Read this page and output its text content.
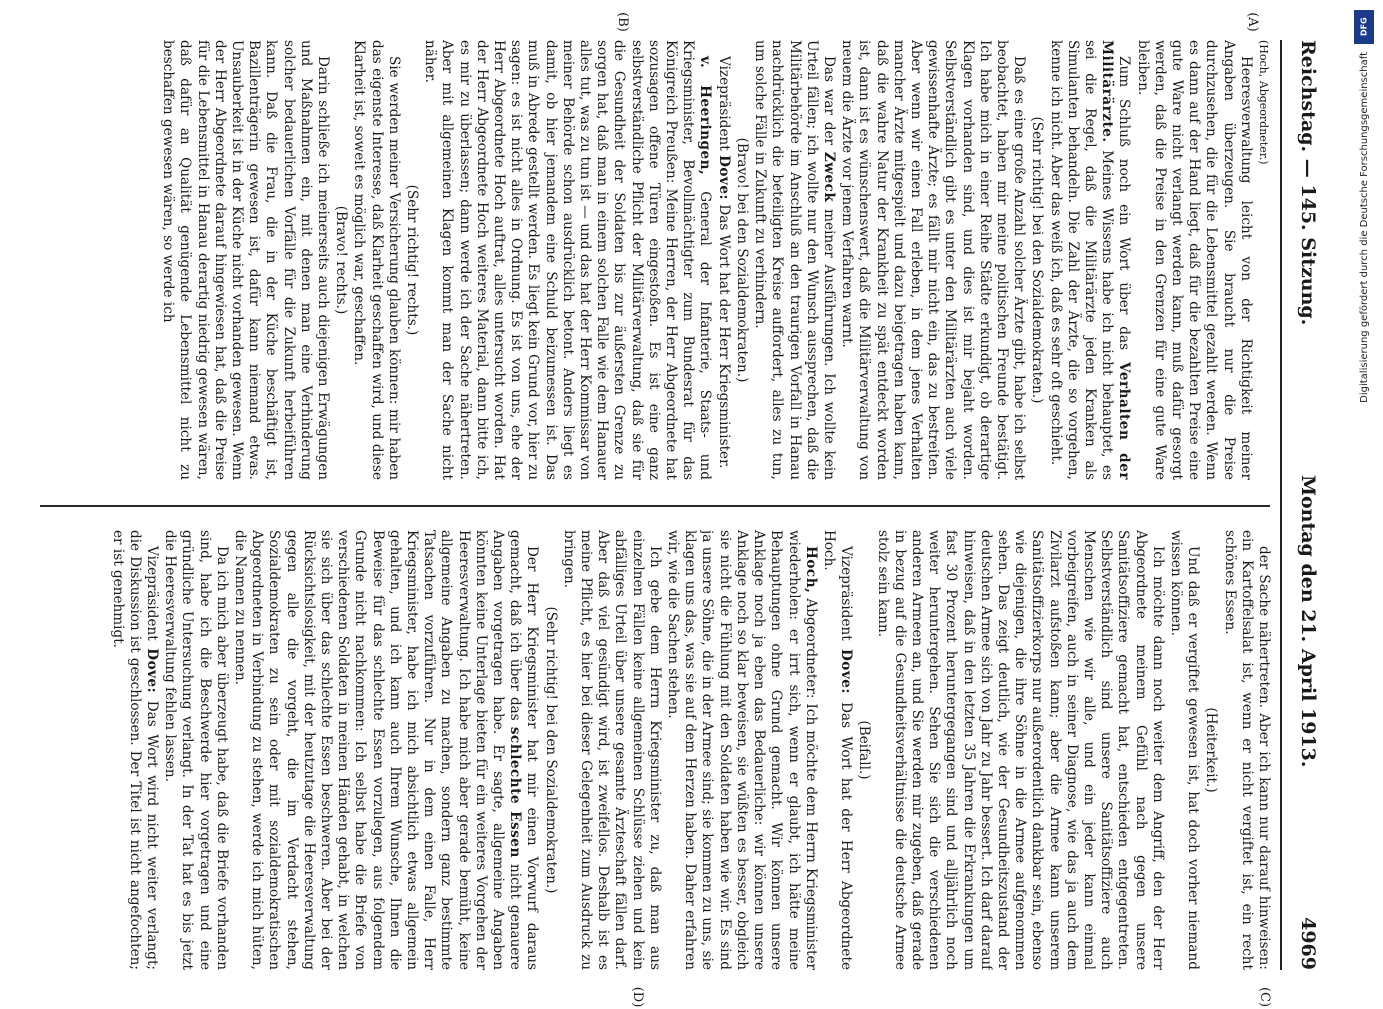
Reichstag. — 145. Sitzung.
Montag den 21. April 1913.
4969
(A)
(B)
(C)
(D)

(Hoch, Abgeordneter.)

Heeresverwaltung leicht von der Richtigkeit meiner Angaben überzeugen. Sie braucht nur die Preise durchzusehen, die für die Lebensmittel gezahlt werden. Wenn es dann auf der Hand liegt, daß für die bezahlten Preise eine gute Ware nicht verlangt werden kann, muß dafür gesorgt werden, daß die Preise in den Grenzen für eine gute Ware bleiben.

Zum Schluß noch ein Wort über das Verhalten der Militärärzte. Meines Wissens habe ich nicht behauptet, es sei die Regel, daß die Militärärzte jeden Kranken als Simulanten behandeln. Die Zahl der Ärzte, die so vorgehen, kenne ich nicht. Aber das weiß ich, daß es sehr oft geschieht.

(Sehr richtig! bei den Sozialdemokraten.)

Daß es eine große Anzahl solcher Ärzte gibt, habe ich selbst beobachtet, haben mir meine politischen Freunde bestätigt. Ich habe mich in einer Reihe Städte erkundigt, ob derartige Klagen vorhanden sind, und dies ist mir bejaht worden. Selbstverständlich gibt es unter den Militärärzten auch viele gewissenhafte Ärzte; es fällt mir nicht ein, das zu bestreiten. Aber wenn wir einen Fall erleben, in dem jenes Verhalten mancher Ärzte mitgespielt und dazu beigetragen haben kann, daß die wahre Natur der Krankheit zu spät entdeckt worden ist, dann ist es wünschenswert, daß die Militärverwaltung von neuem die Ärzte vor jenem Verfahren warnt.

Das war der Zweck meiner Ausführungen. Ich wollte kein Urteil fällen; ich wollte nur den Wunsch aussprechen, daß die Militärbehörde im Anschluß an den traurigen Vorfall in Hanau nachdrücklich die beteiligten Kreise auffordert, alles zu tun, um solche Fälle in Zukunft zu verhindern.

(Bravo! bei den Sozialdemokraten.)

Vizepräsident Dove: Das Wort hat der Herr Kriegsminister.

v. Heeringen, General der Infanterie, Staats- und Kriegsminister, Bevollmächtigter zum Bundesrat für das Königreich Preußen: Meine Herren, der Herr Abgeordnete hat sozusagen offene Türen eingestoßen. Es ist eine ganz selbstverständliche Pflicht der Militärverwaltung, daß sie für die Gesundheit der Soldaten bis zur äußersten Grenze zu sorgen hat, daß man in einem solchen Falle wie dem Hanauer alles tut, was zu tun ist — und das hat der Herr Kommissar von meiner Behörde schon ausdrücklich betont. Anders liegt es damit, ob hier jemandem eine Schuld beizumessen ist. Das muß in Abrede gestellt werden. Es liegt kein Grund vor, hier zu sagen: es ist nicht alles in Ordnung. Es ist von uns, ehe der Herr Abgeordnete Hoch auftrat, alles untersucht worden. Hat der Herr Abgeordnete Hoch weiteres Material, dann bitte ich, es mir zu überlassen; dann werde ich der Sache nähertreten. Aber mit allgemeinen Klagen kommt man der Sache nicht näher.

(Sehr richtig! rechts.)

Sie werden meiner Versicherung glauben können: mir haben das eigenste Interesse, daß Klarheit geschaffen wird, und diese Klarheit ist, soweit es möglich war, geschaffen.

(Bravo! rechts.)

Darin schließe ich meinerseits auch diejenigen Erwägungen und Maßnahmen ein, mit denen man eine Verhinderung solcher bedauerlichen Vorfälle für die Zukunft herbeiführen kann. Daß die Frau, die in der Küche beschäftigt ist, Bazillenträgerin gewesen ist, dafür kann niemand etwas. Unsauberkeit ist in der Küche nicht vorhanden gewesen. Wenn der Herr Abgeordnete darauf hingewiesen hat, daß die Preise für die Lebensmittel in Hanau derartig niedrig gewesen wären, daß dafür an Qualität genügende Lebensmittel nicht zu beschaffen gewesen wären, so werde ich

der Sache nähertreten. Aber ich kann nur darauf hinweisen: ein Kartoffelsalat ist, wenn er nicht vergiftet ist, ein recht schönes Essen.

(Heiterkeit.)

Und daß er vergiftet gewesen ist, hat doch vorher niemand wissen können.

Ich möchte dann noch weiter dem Angriff, den der Herr Abgeordnete meinem Gefühl nach gegen unsere Sanitätsoffiziere gemacht hat, entschieden entgegentreten. Selbstverständlich sind unsere Sanitätsoffiziere auch Menschen wie wir alle, und ein jeder kann einmal vorbeigreifen, auch in seiner Diagnose, wie das ja auch dem Zivilarzt aufstoßen kann; aber die Armee kann unserem Sanitätsoffizierkorps nur außerordentlich dankbar sein, ebenso wie diejenigen, die ihre Söhne in die Armee aufgenommen sehen. Das zeigt deutlich, wie der Gesundheitszustand der deutschen Armee sich von Jahr zu Jahr bessert. Ich darf darauf hinweisen, daß in den letzten 35 Jahren die Erkrankungen um fast 30 Prozent heruntergegangen sind und alljährlich noch weiter heruntergehen. Sehen Sie sich die verschiedenen anderen Armeen an, und Sie werden mir zugeben, daß gerade in bezug auf die Gesundheitsverhältnisse die deutsche Armee stolz sein kann.

(Beifall.)

Vizepräsident Dove: Das Wort hat der Herr Abgeordnete Hoch.

Hoch, Abgeordneter: Ich möchte dem Herrn Kriegsminister wiederholen: er irrt sich, wenn er glaubt, ich hätte meine Behauptungen ohne Grund gemacht. Wir können unsere Anklage noch ja eben das Bedauerliche: wir können unsere Anklage noch so klar beweisen, sie wüßten es besser, obgleich sie nicht die Fühlung mit den Soldaten haben wie wir. Es sind ja unsere Söhne, die in der Armee sind; sie kommen zu uns, sie klagen uns das, was sie auf dem Herzen haben. Daher erfahren wir, wie die Sachen stehen.

Ich gebe dem Herrn Kriegsminister zu, daß man aus einzelnen Fällen keine allgemeinen Schlüsse ziehen und kein abfälliges Urteil über unsere gesamte Ärzteschaft fällen darf. Aber daß viel gesündigt wird, ist zweifellos. Deshalb ist es meine Pflicht, es hier bei dieser Gelegenheit zum Ausdruck zu bringen.

(Sehr richtig! bei den Sozialdemokraten.)

Der Herr Kriegsminister hat mir einen Vorwurf daraus gemacht, daß ich über das schlechte Essen nicht genauere Angaben vorgetragen habe. Er sagte, allgemeine Angaben könnten keine Unterlage bieten für ein weiteres Vorgehen der Heeresverwaltung. Ich habe mich aber gerade bemüht, keine allgemeine Angaben zu machen, sondern ganz bestimmte Tatsachen vorzuführen. Nur in dem einen Falle, Herr Kriegsminister, habe ich mich absichtlich etwas allgemein gehalten, und ich kann auch Ihrem Wunsche, Ihnen die Beweise für das schlechte Essen vorzulegen, aus folgendem Grunde nicht nachkommen: Ich selbst habe die Briefe von verschiedenen Soldaten in meinen Händen gehabt, in welchen sie sich über das schlechte Essen beschweren. Aber bei der Rücksichtslosigkeit, mit der heutzutage die Heeresverwaltung gegen alle die vorgeht, die im Verdacht stehen, Sozialdemokraten zu sein oder mit sozialdemokratischen Abgeordneten in Verbindung zu stehen, werde ich mich hüten, die Namen zu nennen.

Da ich mich aber überzeugt habe, daß die Briefe vorhanden sind, habe ich die Beschwerde hier vorgetragen und eine gründliche Untersuchung verlangt. In der Tat hat es bis jetzt die Heeresverwaltung fehlen lassen.

Vizepräsident Dove: Das Wort wird nicht weiter verlangt; die Diskussion ist geschlossen. Der Titel ist nicht angefochten; er ist genehmigt.

DFG
Digitalisierung gefördert durch die Deutsche Forschungsgemeinschaft
